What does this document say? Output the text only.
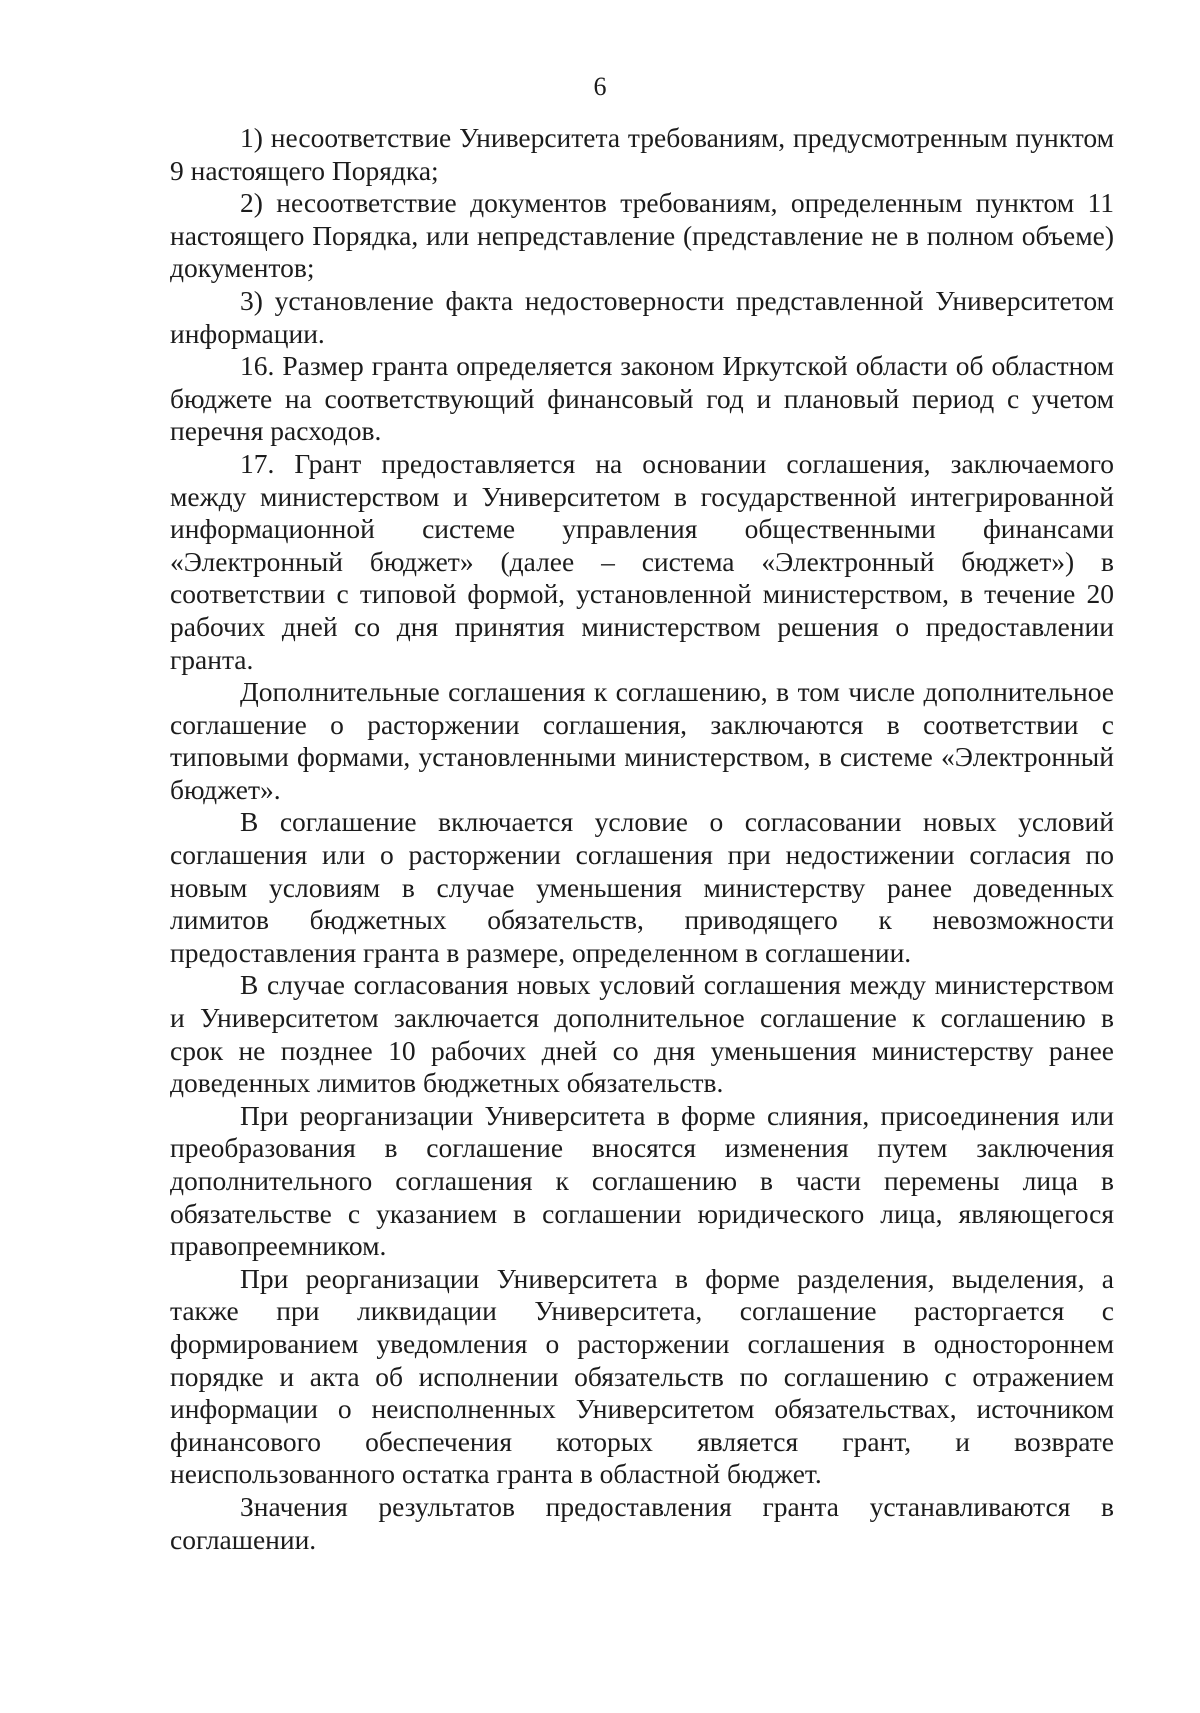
6

1) несоответствие Университета требованиям, предусмотренным пунктом 9 настоящего Порядка;

2) несоответствие документов требованиям, определенным пунктом 11 настоящего Порядка, или непредставление (представление не в полном объеме) документов;

3) установление факта недостоверности представленной Университетом информации.

16. Размер гранта определяется законом Иркутской области об областном бюджете на соответствующий финансовый год и плановый период с учетом перечня расходов.

17. Грант предоставляется на основании соглашения, заключаемого между министерством и Университетом в государственной интегрированной информационной системе управления общественными финансами «Электронный бюджет» (далее – система «Электронный бюджет») в соответствии с типовой формой, установленной министерством, в течение 20 рабочих дней со дня принятия министерством решения о предоставлении гранта.

Дополнительные соглашения к соглашению, в том числе дополнительное соглашение о расторжении соглашения, заключаются в соответствии с типовыми формами, установленными министерством, в системе «Электронный бюджет».

В соглашение включается условие о согласовании новых условий соглашения или о расторжении соглашения при недостижении согласия по новым условиям в случае уменьшения министерству ранее доведенных лимитов бюджетных обязательств, приводящего к невозможности предоставления гранта в размере, определенном в соглашении.

В случае согласования новых условий соглашения между министерством и Университетом заключается дополнительное соглашение к соглашению в срок не позднее 10 рабочих дней со дня уменьшения министерству ранее доведенных лимитов бюджетных обязательств.

При реорганизации Университета в форме слияния, присоединения или преобразования в соглашение вносятся изменения путем заключения дополнительного соглашения к соглашению в части перемены лица в обязательстве с указанием в соглашении юридического лица, являющегося правопреемником.

При реорганизации Университета в форме разделения, выделения, а также при ликвидации Университета, соглашение расторгается с формированием уведомления о расторжении соглашения в одностороннем порядке и акта об исполнении обязательств по соглашению с отражением информации о неисполненных Университетом обязательствах, источником финансового обеспечения которых является грант, и возврате неиспользованного остатка гранта в областной бюджет.

Значения результатов предоставления гранта устанавливаются в соглашении.
